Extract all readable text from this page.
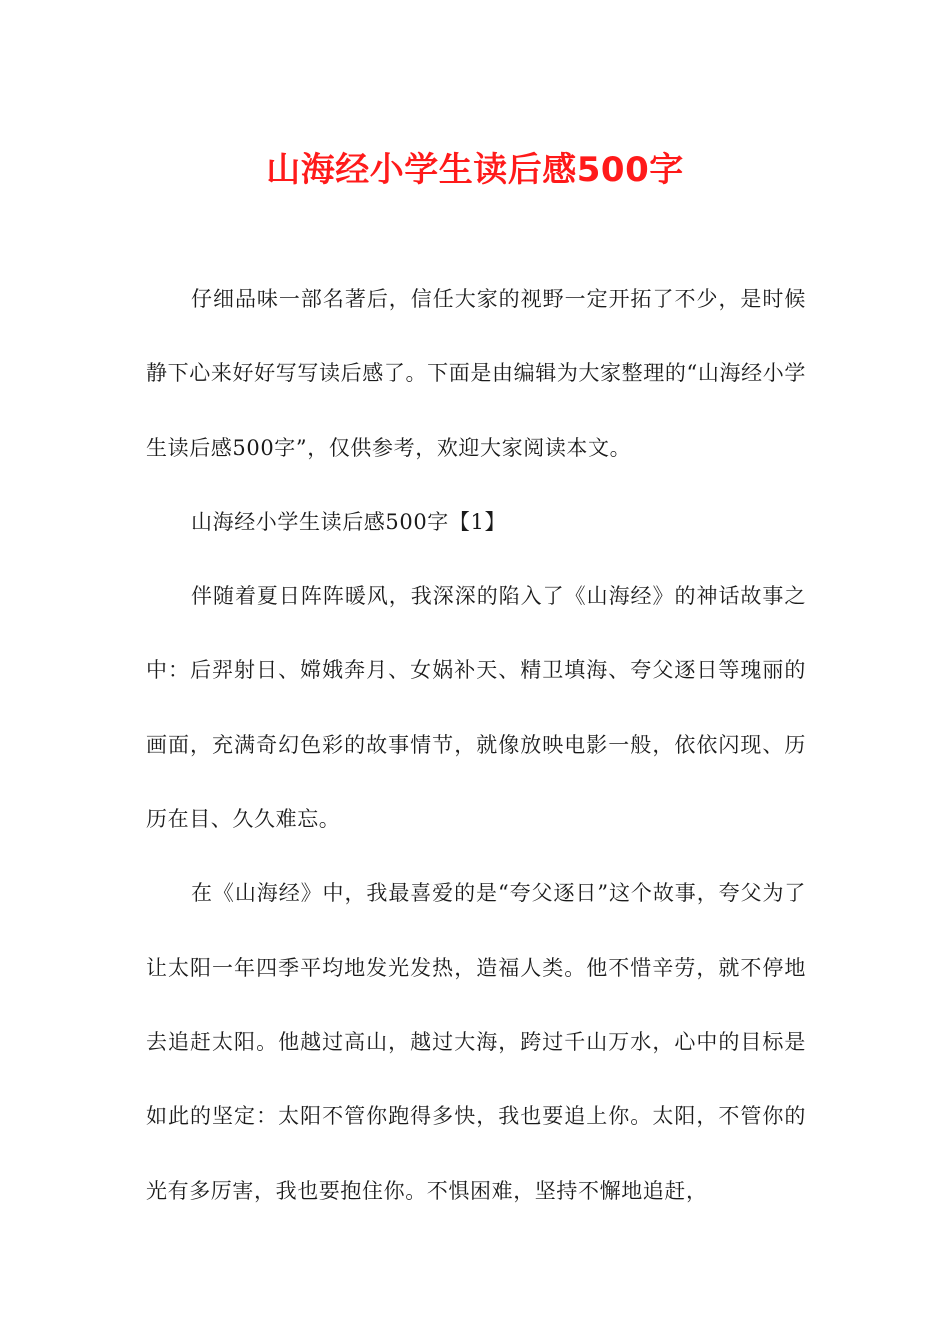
山海经小学生读后感500字

仔细品味一部名著后，信任大家的视野一定开拓了不少，是时候静下心来好好写写读后感了。下面是由编辑为大家整理的“山海经小学生读后感500字”，仅供参考，欢迎大家阅读本文。

山海经小学生读后感500字【1】

伴随着夏日阵阵暖风，我深深的陷入了《山海经》的神话故事之中：后羿射日、嫦娥奔月、女娲补天、精卫填海、夸父逐日等瑰丽的画面，充满奇幻色彩的故事情节，就像放映电影一般，依依闪现、历历在目、久久难忘。

在《山海经》中，我最喜爱的是“夸父逐日”这个故事，夸父为了让太阳一年四季平均地发光发热，造福人类。他不惜辛劳，就不停地去追赶太阳。他越过高山，越过大海，跨过千山万水，心中的目标是如此的坚定：太阳不管你跑得多快，我也要追上你。太阳，不管你的光有多厉害，我也要抱住你。不惧困难，坚持不懈地追赶，
